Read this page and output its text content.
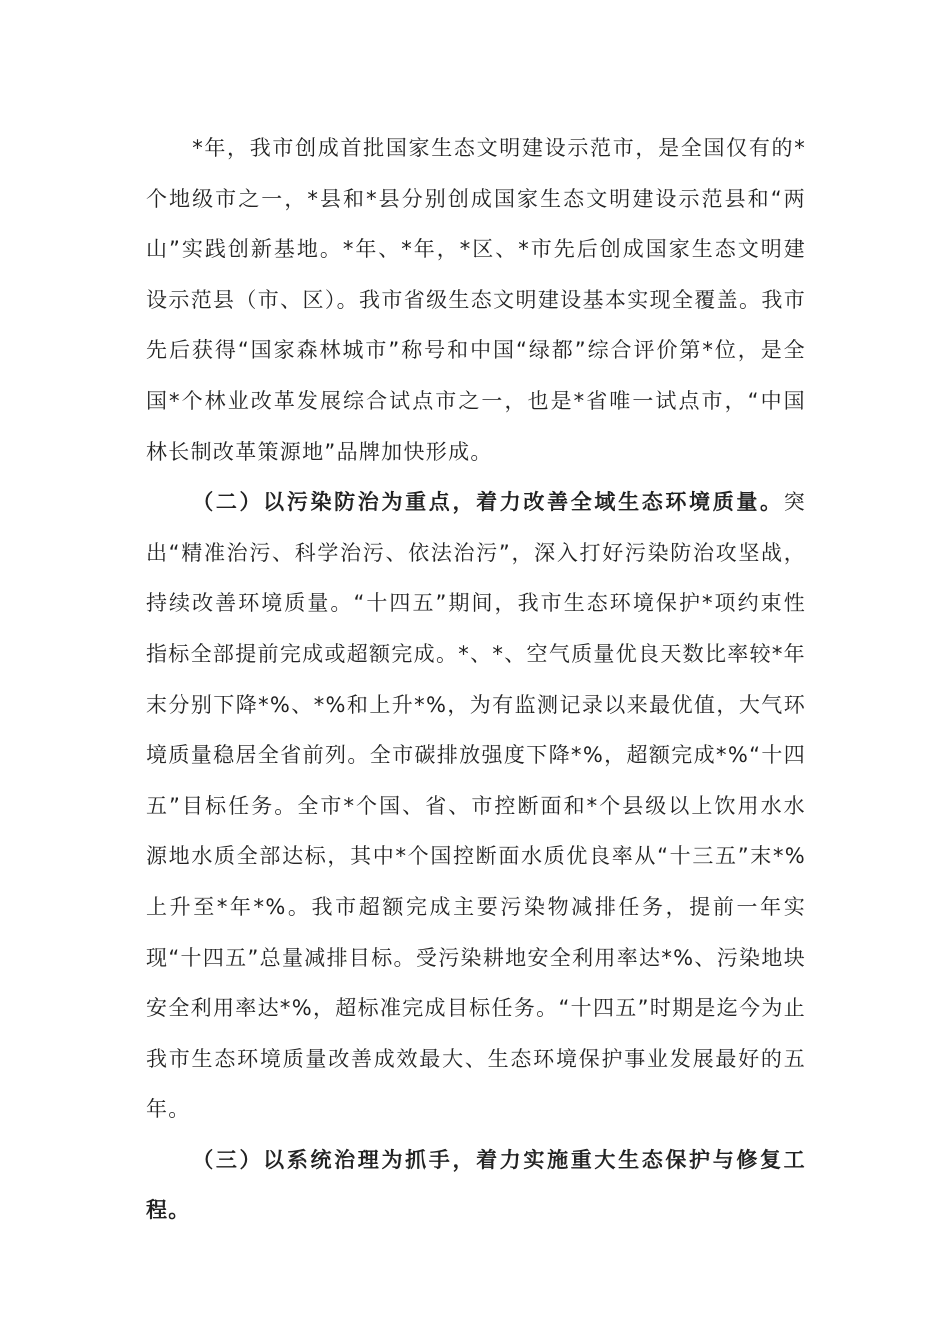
*年，我市创成首批国家生态文明建设示范市，是全国仅有的*个地级市之一，*县和*县分别创成国家生态文明建设示范县和“两山”实践创新基地。*年、*年，*区、*市先后创成国家生态文明建设示范县（市、区）。我市省级生态文明建设基本实现全覆盖。我市先后获得“国家森林城市”称号和中国“绿都”综合评价第*位，是全国*个林业改革发展综合试点市之一，也是*省唯一试点市，“中国林长制改革策源地”品牌加快形成。

（二）以污染防治为重点，着力改善全域生态环境质量。突出“精准治污、科学治污、依法治污”，深入打好污染防治攻坚战，持续改善环境质量。“十四五”期间，我市生态环境保护*项约束性指标全部提前完成或超额完成。*、*、空气质量优良天数比率较*年末分别下降*%、*%和上升*%，为有监测记录以来最优值，大气环境质量稳居全省前列。全市碳排放强度下降*%，超额完成*%“十四五”目标任务。全市*个国、省、市控断面和*个县级以上饮用水水源地水质全部达标，其中*个国控断面水质优良率从“十三五”末*%上升至*年*%。我市超额完成主要污染物减排任务，提前一年实现“十四五”总量减排目标。受污染耕地安全利用率达*%、污染地块安全利用率达*%，超标准完成目标任务。“十四五”时期是迄今为止我市生态环境质量改善成效最大、生态环境保护事业发展最好的五年。

（三）以系统治理为抓手，着力实施重大生态保护与修复工程。
